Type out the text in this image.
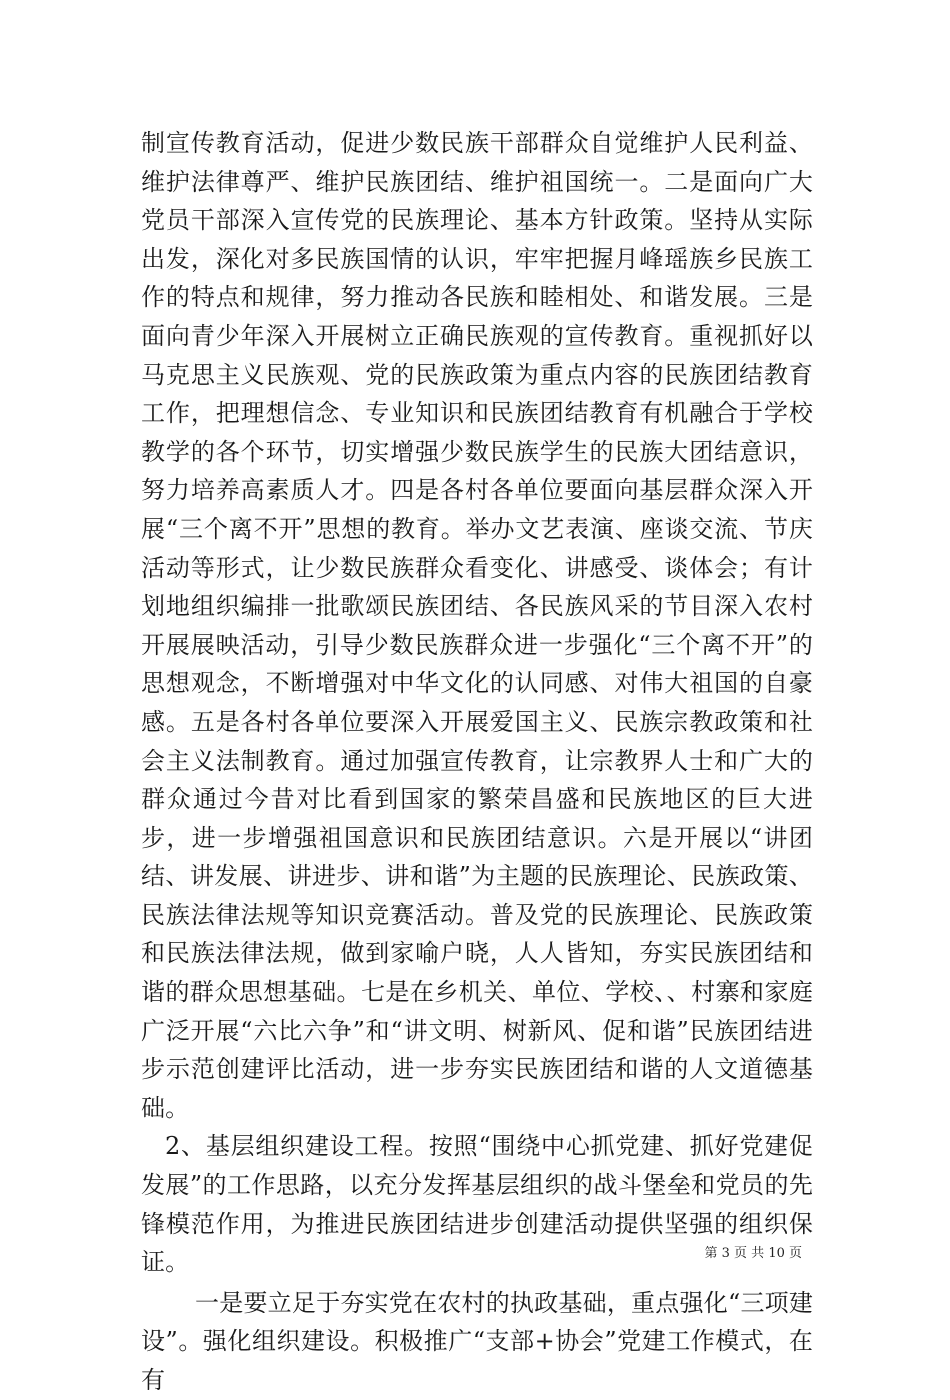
制宣传教育活动，促进少数民族干部群众自觉维护人民利益、维护法律尊严、维护民族团结、维护祖国统一。二是面向广大党员干部深入宣传党的民族理论、基本方针政策。坚持从实际出发，深化对多民族国情的认识，牢牢把握月峰瑶族乡民族工作的特点和规律，努力推动各民族和睦相处、和谐发展。三是面向青少年深入开展树立正确民族观的宣传教育。重视抓好以马克思主义民族观、党的民族政策为重点内容的民族团结教育工作，把理想信念、专业知识和民族团结教育有机融合于学校教学的各个环节，切实增强少数民族学生的民族大团结意识，努力培养高素质人才。四是各村各单位要面向基层群众深入开展“三个离不开”思想的教育。举办文艺表演、座谈交流、节庆活动等形式，让少数民族群众看变化、讲感受、谈体会；有计划地组织编排一批歌颂民族团结、各民族风采的节目深入农村开展展映活动，引导少数民族群众进一步强化“三个离不开”的思想观念，不断增强对中华文化的认同感、对伟大祖国的自豪感。五是各村各单位要深入开展爱国主义、民族宗教政策和社会主义法制教育。通过加强宣传教育，让宗教界人士和广大的群众通过今昔对比看到国家的繁荣昌盛和民族地区的巨大进步，进一步增强祖国意识和民族团结意识。六是开展以“讲团结、讲发展、讲进步、讲和谐”为主题的民族理论、民族政策、民族法律法规等知识竞赛活动。普及党的民族理论、民族政策和民族法律法规，做到家喻户晓，人人皆知，夯实民族团结和谐的群众思想基础。七是在乡机关、单位、学校、、村寨和家庭广泛开展“六比六争”和“讲文明、树新风、促和谐”民族团结进步示范创建评比活动，进一步夯实民族团结和谐的人文道德基础。

2、基层组织建设工程。按照“围绕中心抓党建、抓好党建促发展”的工作思路，以充分发挥基层组织的战斗堡垒和党员的先锋模范作用，为推进民族团结进步创建活动提供坚强的组织保证。

一是要立足于夯实党在农村的执政基础，重点强化“三项建设”。强化组织建设。积极推广“支部+协会”党建工作模式，在有

第 3 页 共 10 页
